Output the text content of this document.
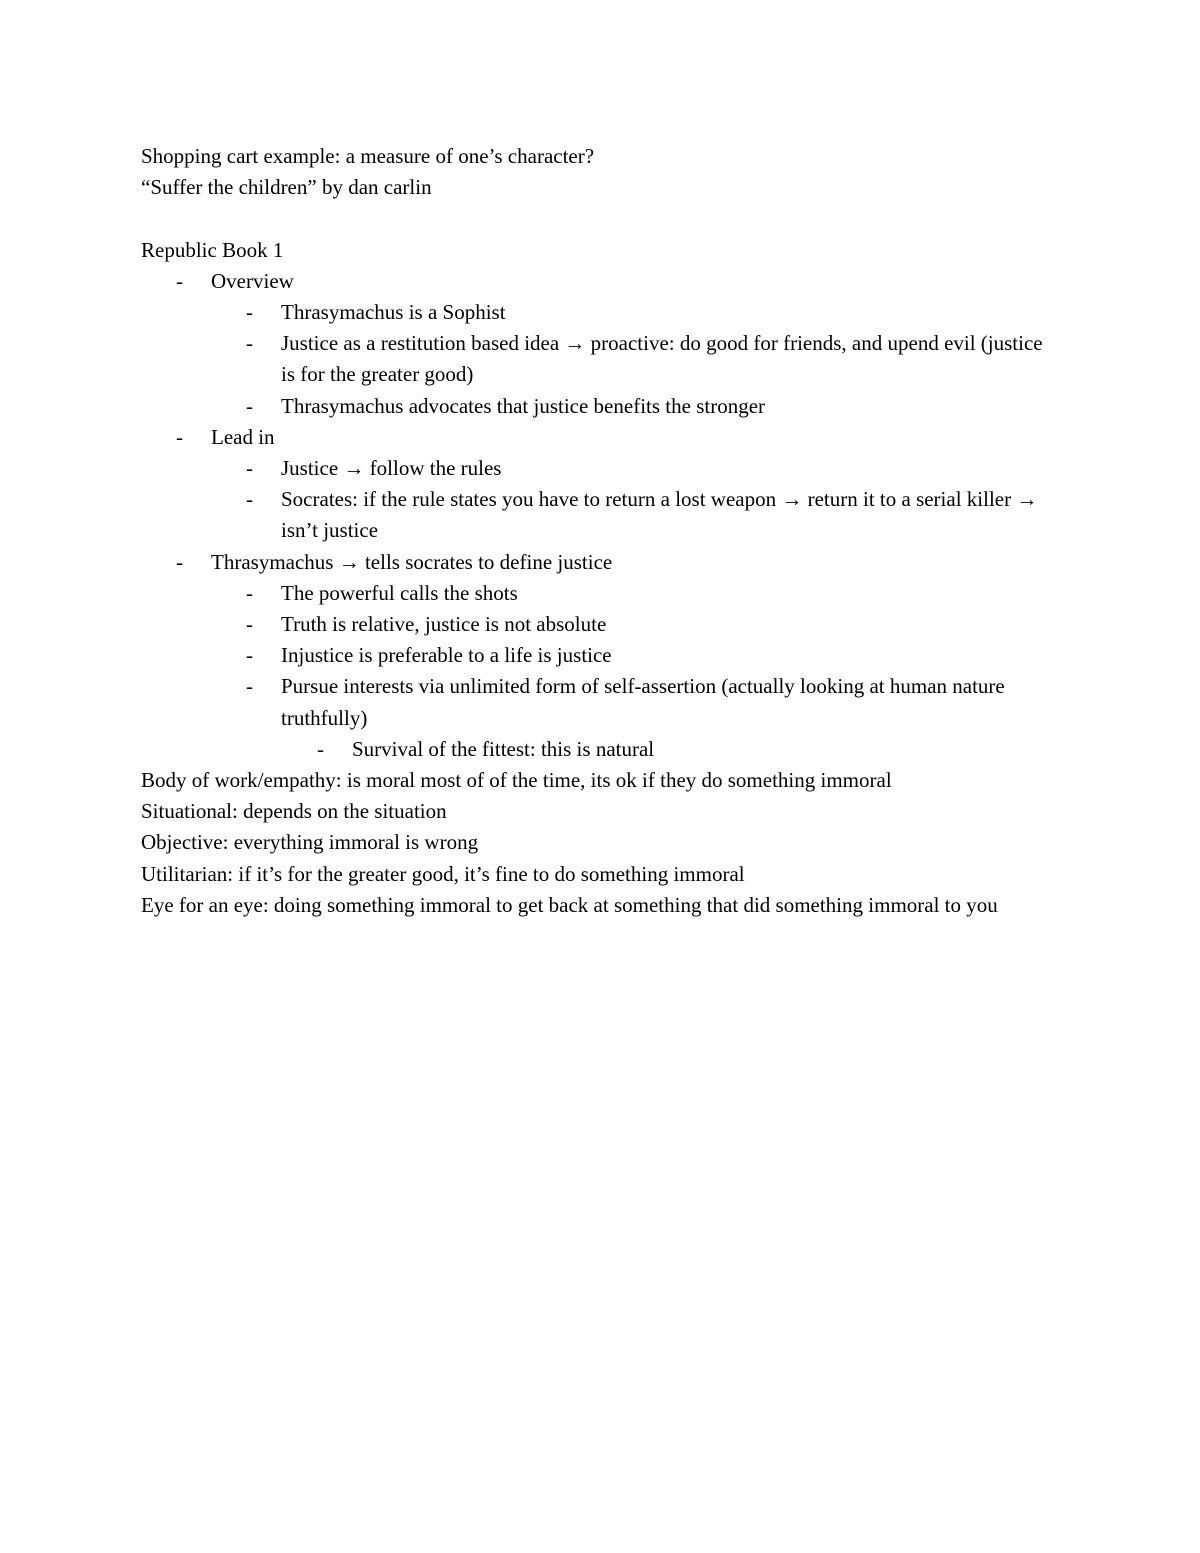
Shopping cart example: a measure of one’s character?

“Suffer the children” by dan carlin

Republic Book 1

-	Overview
-	Thrasymachus is a Sophist
-	Justice as a restitution based idea → proactive: do good for friends, and upend evil (justice is for the greater good)
-	Thrasymachus advocates that justice benefits the stronger
-	Lead in
-	Justice → follow the rules
-	Socrates: if the rule states you have to return a lost weapon → return it to a serial killer → isn’t justice
-	Thrasymachus → tells socrates to define justice
-	The powerful calls the shots
-	Truth is relative, justice is not absolute
-	Injustice is preferable to a life is justice
-	Pursue interests via unlimited form of self-assertion (actually looking at human nature truthfully)
-	Survival of the fittest: this is natural

Body of work/empathy: is moral most of of the time, its ok if they do something immoral

Situational: depends on the situation

Objective: everything immoral is wrong

Utilitarian: if it’s for the greater good, it’s fine to do something immoral

Eye for an eye: doing something immoral to get back at something that did something immoral to you
